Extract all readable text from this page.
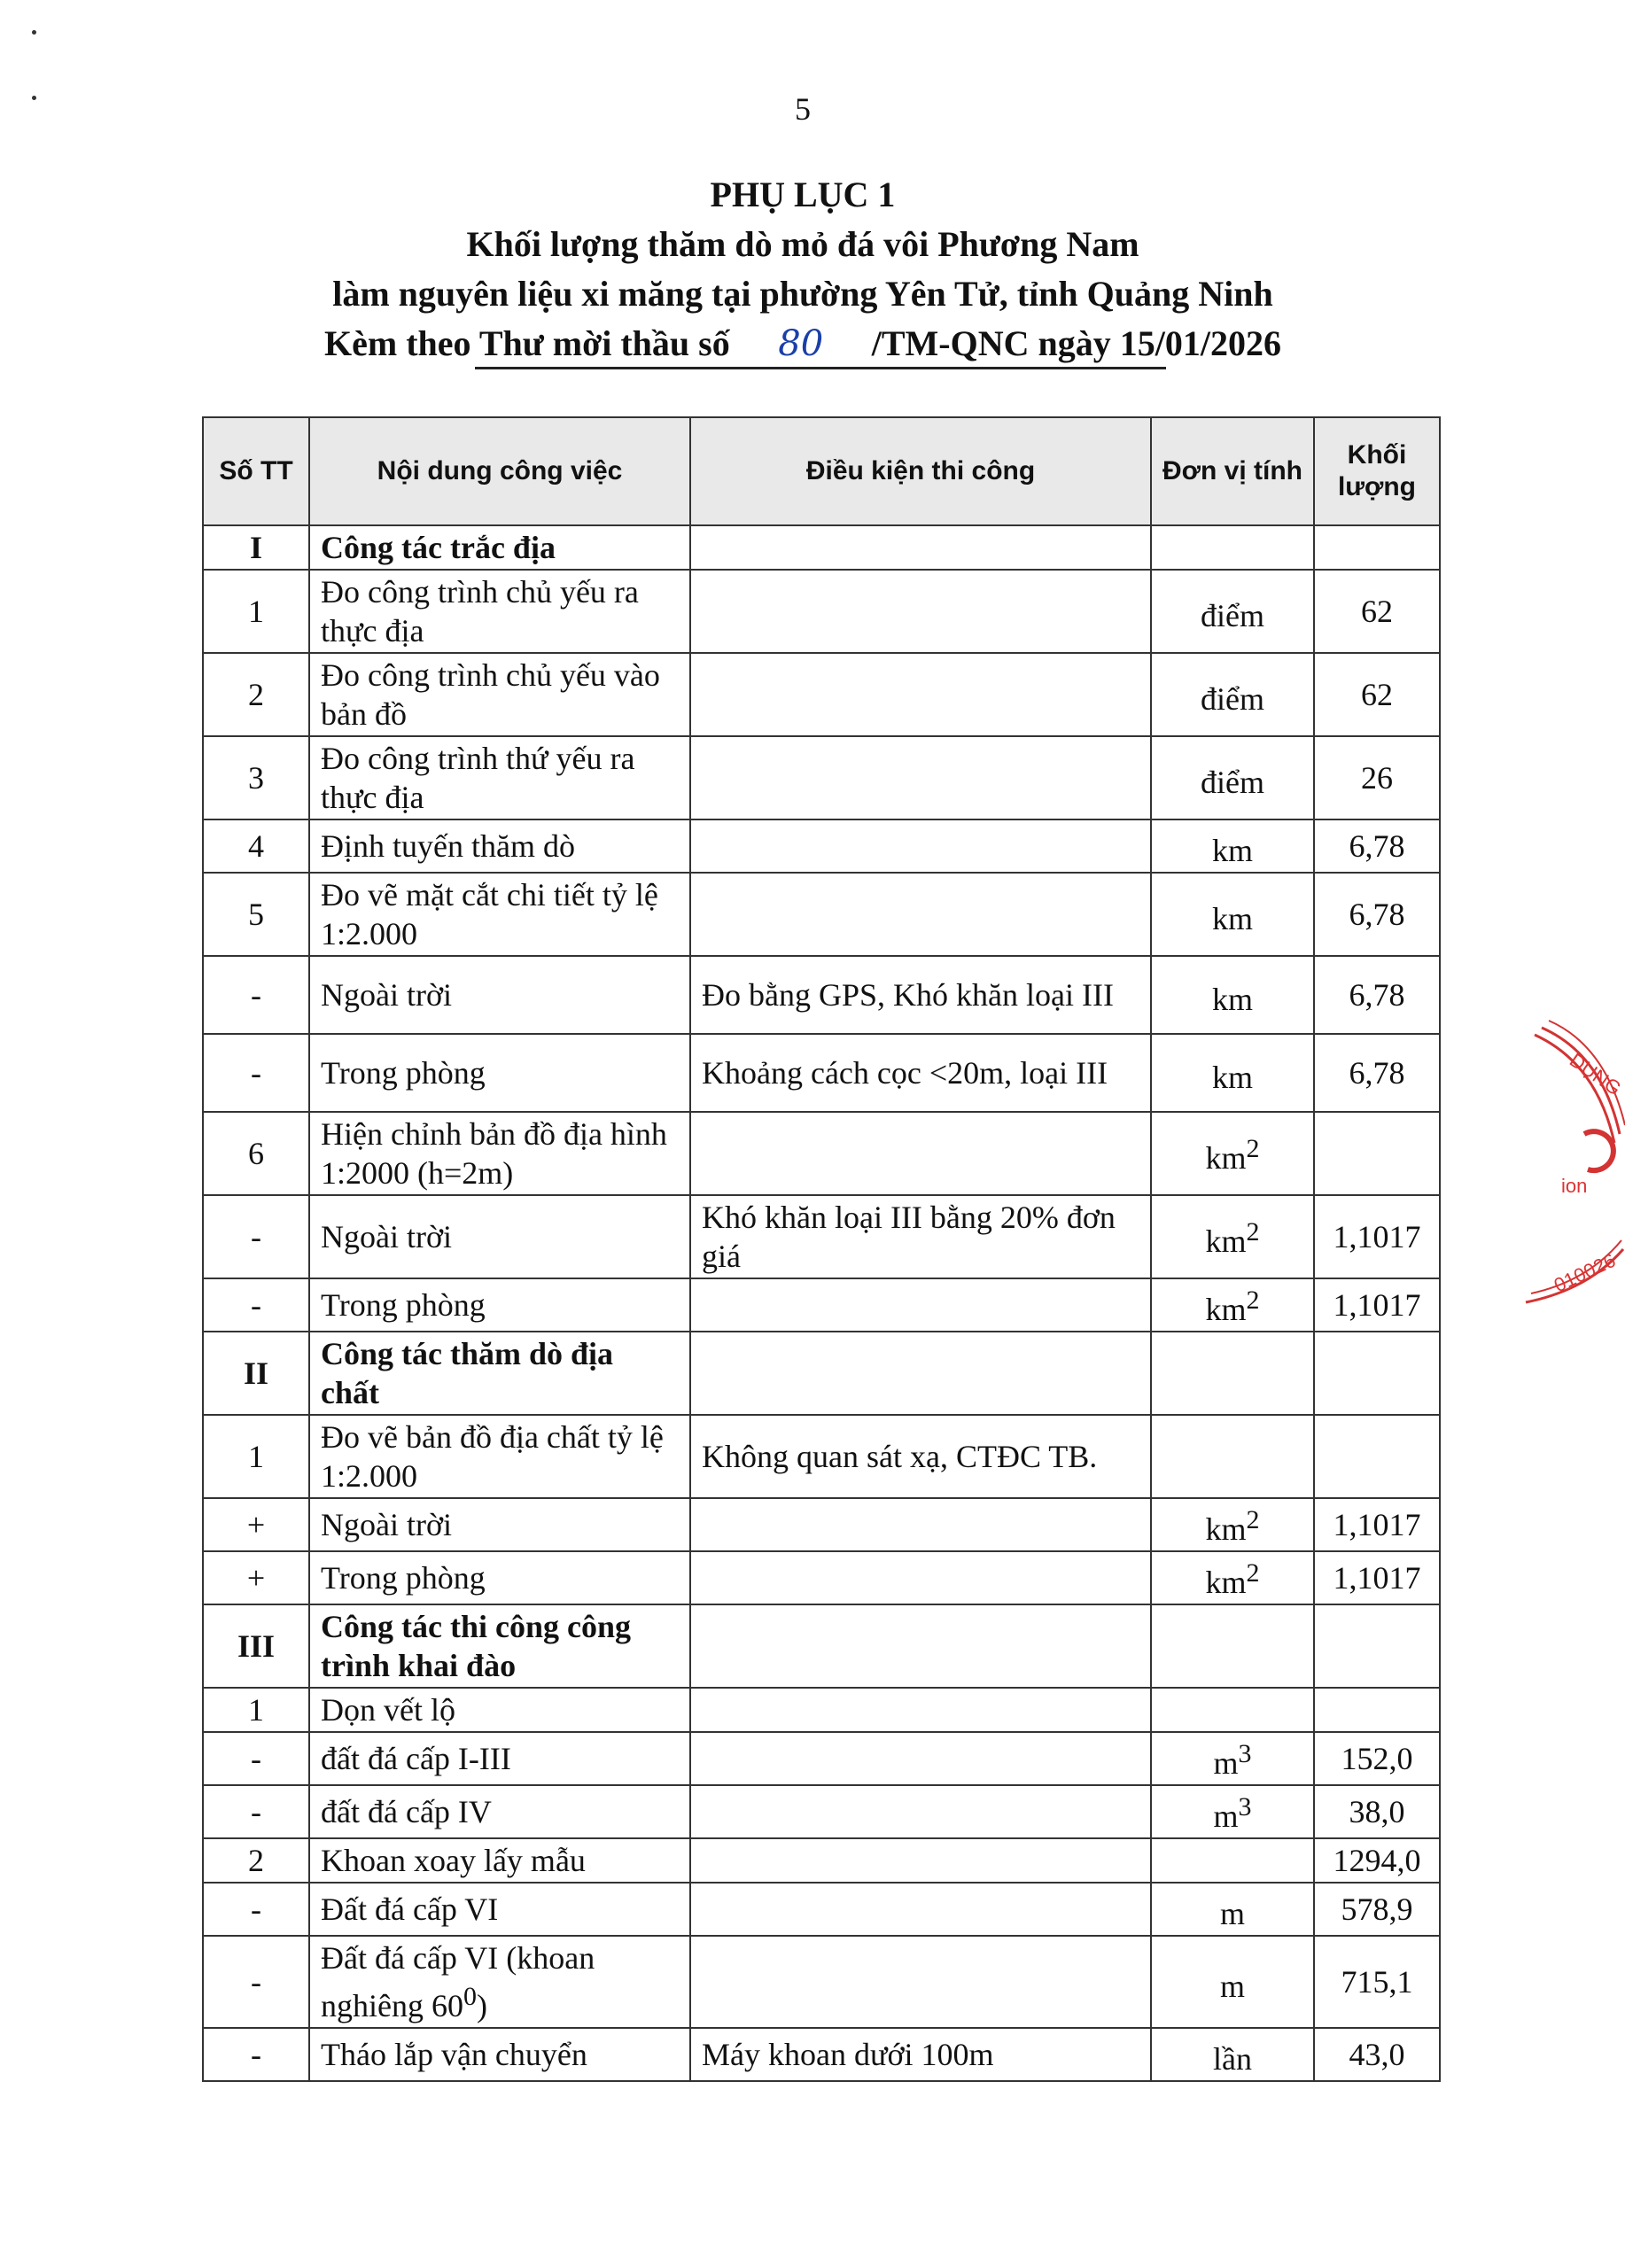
5
PHỤ LỤC 1
Khối lượng thăm dò mỏ đá vôi Phương Nam
làm nguyên liệu xi măng tại phường Yên Tử, tỉnh Quảng Ninh
Kèm theo Thư mời thầu số 80 /TM-QNC ngày 15/01/2026
Số TT	Nội dung công việc	Điều kiện thi công	Đơn vị tính	Khối lượng
I	Công tác trắc địa			
1	Đo công trình chủ yếu ra thực địa		điểm	62
2	Đo công trình chủ yếu vào bản đồ		điểm	62
3	Đo công trình thứ yếu ra thực địa		điểm	26
4	Định tuyến thăm dò		km	6,78
5	Đo vẽ mặt cắt chi tiết tỷ lệ 1:2.000		km	6,78
-	Ngoài trời	Đo bằng GPS, Khó khăn loại III	km	6,78
-	Trong phòng	Khoảng cách cọc <20m, loại III	km	6,78
6	Hiện chỉnh bản đồ địa hình 1:2000 (h=2m)		$km^2$	
-	Ngoài trời	Khó khăn loại III bằng 20% đơn giá	$km^2$	1,1017
-	Trong phòng		$km^2$	1,1017
II	Công tác thăm dò địa chất			
1	Đo vẽ bản đồ địa chất tỷ lệ 1:2.000	Không quan sát xạ, CTĐC TB.		
+	Ngoài trời		$km^2$	1,1017
+	Trong phòng		$km^2$	1,1017
III	Công tác thi công công trình khai đào			
1	Dọn vết lộ			
-	đất đá cấp I-III		$m^3$	152,0
-	đất đá cấp IV		$m^3$	38,0
2	Khoan xoay lấy mẫu			1294,0
-	Đất đá cấp VI		m	578,9
-	Đất đá cấp VI (khoan nghiêng $60^0$)		m	715,1
-	Tháo lắp vận chuyển	Máy khoan dưới 100m	lần	43,0
DỤNG
ion
010026
